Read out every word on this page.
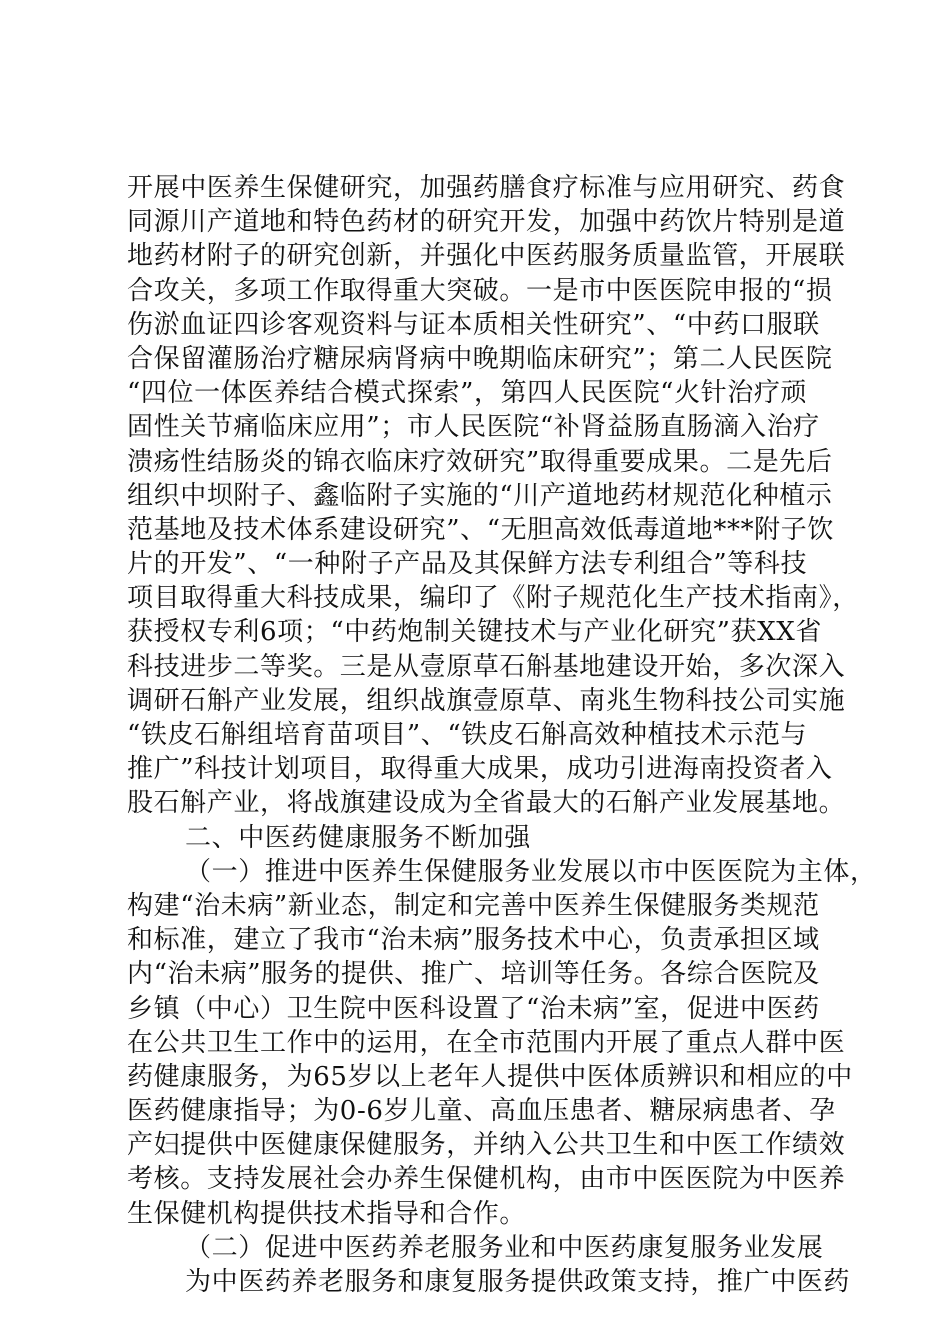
开展中医养生保健研究，加强药膳食疗标准与应用研究、药食
同源川产道地和特色药材的研究开发，加强中药饮片特别是道
地药材附子的研究创新，并强化中医药服务质量监管，开展联
合攻关，多项工作取得重大突破。一是市中医医院申报的“损
伤淤血证四诊客观资料与证本质相关性研究”、“中药口服联
合保留灌肠治疗糖尿病肾病中晚期临床研究”；第二人民医院
“四位一体医养结合模式探索”，第四人民医院“火针治疗顽
固性关节痛临床应用”；市人民医院“补肾益肠直肠滴入治疗
溃疡性结肠炎的锦衣临床疗效研究”取得重要成果。二是先后
组织中坝附子、鑫临附子实施的“川产道地药材规范化种植示
范基地及技术体系建设研究”、“无胆高效低毒道地***附子饮
片的开发”、“一种附子产品及其保鲜方法专利组合”等科技
项目取得重大科技成果，编印了《附子规范化生产技术指南》，
获授权专利6项；“中药炮制关键技术与产业化研究”获XX省
科技进步二等奖。三是从壹原草石斛基地建设开始，多次深入
调研石斛产业发展，组织战旗壹原草、南兆生物科技公司实施
“铁皮石斛组培育苗项目”、“铁皮石斛高效种植技术示范与
推广”科技计划项目，取得重大成果，成功引进海南投资者入
股石斛产业，将战旗建设成为全省最大的石斛产业发展基地。
二、中医药健康服务不断加强
（一）推进中医养生保健服务业发展以市中医医院为主体，
构建“治未病”新业态，制定和完善中医养生保健服务类规范
和标准，建立了我市“治未病”服务技术中心，负责承担区域
内“治未病”服务的提供、推广、培训等任务。各综合医院及
乡镇（中心）卫生院中医科设置了“治未病”室，促进中医药
在公共卫生工作中的运用，在全市范围内开展了重点人群中医
药健康服务，为65岁以上老年人提供中医体质辨识和相应的中
医药健康指导；为0-6岁儿童、高血压患者、糖尿病患者、孕
产妇提供中医健康保健服务，并纳入公共卫生和中医工作绩效
考核。支持发展社会办养生保健机构，由市中医医院为中医养
生保健机构提供技术指导和合作。
（二）促进中医药养老服务业和中医药康复服务业发展
为中医药养老服务和康复服务提供政策支持，推广中医药
